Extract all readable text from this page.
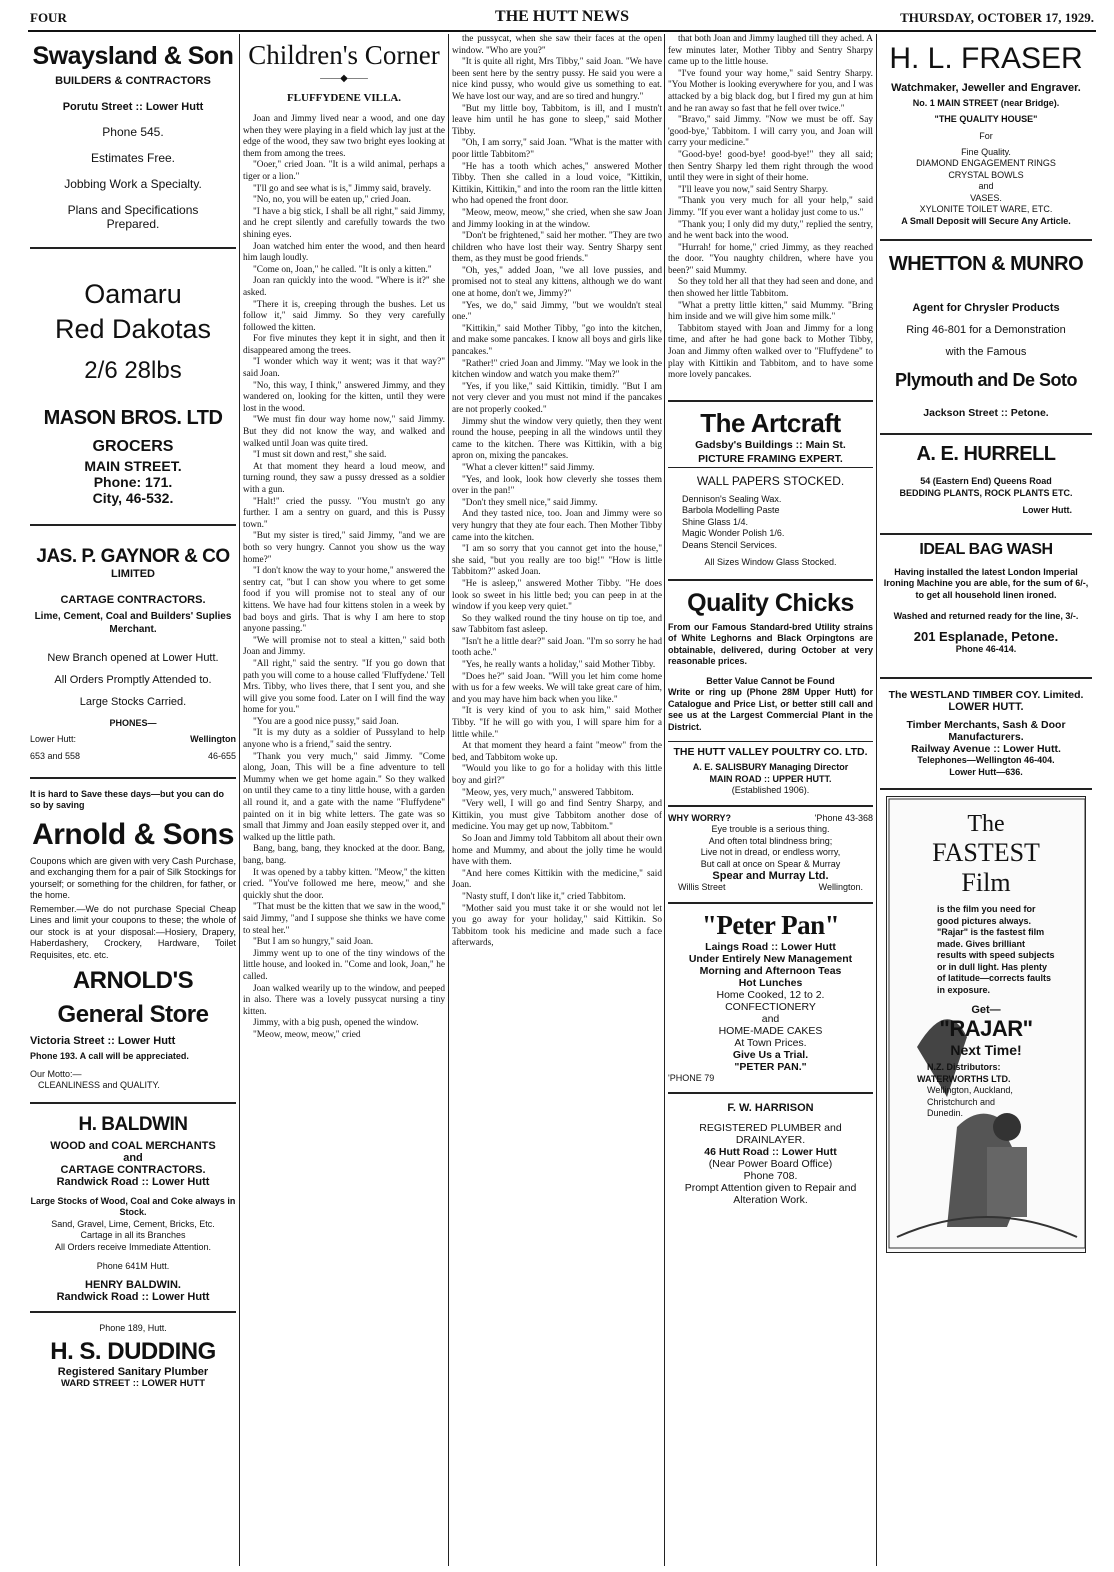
FOUR	THE HUTT NEWS	THURSDAY, OCTOBER 17, 1929.
Swaysland & Son
BUILDERS & CONTRACTORS
Porutu Street :: Lower Hutt
Phone 545.
Estimates Free.
Jobbing Work a Specialty.
Plans and Specifications Prepared.
Oamaru
Red Dakotas
2/6 28lbs
MASON BROS. LTD
GROCERS
MAIN STREET.
Phone: 171.
City, 46-532.
JAS. P. GAYNOR & CO
LIMITED
CARTAGE CONTRACTORS.
Lime, Cement, Coal and Builders' Suplies Merchant.
New Branch opened at Lower Hutt.
All Orders Promptly Attended to.
Large Stocks Carried.
PHONES—
Lower Hutt:	Wellington
653 and 558	46-655
It is hard to Save these days—but you can do so by saving
Arnold & Sons
Coupons which are given with very Cash Purchase, and exchanging them for a pair of Silk Stockings for yourself; or something for the children, for father, or the home.
Remember.—We do not purchase Special Cheap Lines and limit your coupons to these; the whole of our stock is at your disposal:—Hosiery, Drapery, Haberdashery, Crockery, Hardware, Toilet Requisites, etc. etc.
ARNOLD'S
General Store
Victoria Street :: Lower Hutt
Phone 193. A call will be appreciated.
Our Motto:—
CLEANLINESS and QUALITY.
H. BALDWIN
WOOD and COAL MERCHANTS
and
CARTAGE CONTRACTORS.
Randwick Road :: Lower Hutt
Large Stocks of Wood, Coal and Coke always in Stock.
Sand, Gravel, Lime, Cement, Bricks, Etc.
Cartage in all its Branches
All Orders receive Immediate Attention.
Phone 641M Hutt.
HENRY BALDWIN.
Randwick Road :: Lower Hutt
Phone 189, Hutt.
H. S. DUDDING
Registered Sanitary Plumber
WARD STREET :: LOWER HUTT
Children's Corner
——◆——
FLUFFYDENE VILLA.

Joan and Jimmy lived near a wood, and one day when they were playing in a field which lay just at the edge of the wood, they saw two bright eyes looking at them from among the trees.

"Ooer," cried Joan. "It is a wild animal, perhaps a tiger or a lion."

"I'll go and see what is is," Jimmy said, bravely.

"No, no, you will be eaten up," cried Joan.

"I have a big stick, I shall be all right," said Jimmy, and he crept silently and carefully towards the two shining eyes.

Joan watched him enter the wood, and then heard him laugh loudly.

"Come on, Joan," he called. "It is only a kitten."

Joan ran quickly into the wood. "Where is it?" she asked.

"There it is, creeping through the bushes. Let us follow it," said Jimmy. So they very carefully followed the kitten.

For five minutes they kept it in sight, and then it disappeared among the trees.

"I wonder which way it went; was it that way?" said Joan.

"No, this way, I think," answered Jimmy, and they wandered on, looking for the kitten, until they were lost in the wood.

"We must fin dour way home now," said Jimmy. But they did not know the way, and walked and walked until Joan was quite tired.

"I must sit down and rest," she said.

At that moment they heard a loud meow, and turning round, they saw a pussy dressed as a soldier with a gun.

"Halt!" cried the pussy. "You mustn't go any further. I am a sentry on guard, and this is Pussy town."

"But my sister is tired," said Jimmy, "and we are both so very hungry. Cannot you show us the way home?"

"I don't know the way to your home," answered the sentry cat, "but I can show you where to get some food if you will promise not to steal any of our kittens. We have had four kittens stolen in a week by bad boys and girls. That is why I am here to stop anyone passing."

"We will promise not to steal a kitten," said both Joan and Jimmy.

"All right," said the sentry. "If you go down that path you will come to a house called 'Fluffydene.' Tell Mrs. Tibby, who lives there, that I sent you, and she will give you some food. Later on I will find the way home for you."

"You are a good nice pussy," said Joan.

"It is my duty as a soldier of Pussyland to help anyone who is a friend," said the sentry.

"Thank you very much," said Jimmy. "Come along, Joan, This will be a fine adventure to tell Mummy when we get home again." So they walked on until they came to a tiny little house, with a garden all round it, and a gate with the name "Fluffydene" painted on it in big white letters. The gate was so small that Jimmy and Joan easily stepped over it, and walked up the little path.

Bang, bang, bang, they knocked at the door. Bang, bang, bang.

It was opened by a tabby kitten. "Meow," the kitten cried. "You've followed me here, meow," and she quickly shut the door.

"That must be the kitten that we saw in the wood," said Jimmy, "and I suppose she thinks we have come to steal her."

"But I am so hungry," said Joan.

Jimmy went up to one of the tiny windows of the little house, and looked in. "Come and look, Joan," he called.

Joan walked wearily up to the window, and peeped in also. There was a lovely pussycat nursing a tiny kitten.

Jimmy, with a big push, opened the window.

"Meow, meow, meow," cried

the pussycat, when she saw their faces at the open window. "Who are you?"

"It is quite all right, Mrs Tibby," said Joan. "We have been sent here by the sentry pussy. He said you were a nice kind pussy, who would give us something to eat. We have lost our way, and are so tired and hungry."

"But my little boy, Tabbitom, is ill, and I mustn't leave him until he has gone to sleep," said Mother Tibby.

"Oh, I am sorry," said Joan. "What is the matter with poor little Tabbitom?"

"He has a tooth which aches," answered Mother Tibby. Then she called in a loud voice, "Kittikin, Kittikin, Kittikin," and into the room ran the little kitten who had opened the front door.

"Meow, meow, meow," she cried, when she saw Joan and Jimmy looking in at the window.

"Don't be frightened," said her mother. "They are two children who have lost their way. Sentry Sharpy sent them, as they must be good friends."

"Oh, yes," added Joan, "we all love pussies, and promised not to steal any kittens, although we do want one at home, don't we, Jimmy?"

"Yes, we do," said Jimmy, "but we wouldn't steal one."

"Kittikin," said Mother Tibby, "go into the kitchen, and make some pancakes. I know all boys and girls like pancakes."

"Rather!" cried Joan and Jimmy. "May we look in the kitchen window and watch you make them?"

"Yes, if you like," said Kittikin, timidly. "But I am not very clever and you must not mind if the pancakes are not properly cooked."

Jimmy shut the window very quietly, then they went round the house, peeping in all the windows until they came to the kitchen. There was Kittikin, with a big apron on, mixing the pancakes.

"What a clever kitten!" said Jimmy.

"Yes, and look, look how cleverly she tosses them over in the pan!"

"Don't they smell nice," said Jimmy.

And they tasted nice, too. Joan and Jimmy were so very hungry that they ate four each. Then Mother Tibby came into the kitchen.

"I am so sorry that you cannot get into the house," she said, "but you really are too big!" "How is little Tabbitom?" asked Joan.

"He is asleep," answered Mother Tibby. "He does look so sweet in his little bed; you can peep in at the window if you keep very quiet."

So they walked round the tiny house on tip toe, and saw Tabbitom fast asleep.

"Isn't he a little dear?" said Joan. "I'm so sorry he had tooth ache."

"Yes, he really wants a holiday," said Mother Tibby.

"Does he?" said Joan. "Will you let him come home with us for a few weeks. We will take great care of him, and you may have him back when you like."

"It is very kind of you to ask him," said Mother Tibby. "If he will go with you, I will spare him for a little while."

At that moment they heard a faint "meow" from the bed, and Tabbitom woke up.

"Would you like to go for a holiday with this little boy and girl?"

"Meow, yes, very much," answered Tabbitom.

"Very well, I will go and find Sentry Sharpy, and Kittikin, you must give Tabbitom another dose of medicine. You may get up now, Tabbitom."

So Joan and Jimmy told Tabbitom all about their own home and Mummy, and about the jolly time he would have with them.

"And here comes Kittikin with the medicine," said Joan.

"Nasty stuff, I don't like it," cried Tabbitom.

"Mother said you must take it or she would not let you go away for your holiday," said Kittikin. So Tabbitom took his medicine and made such a face afterwards,

that both Joan and Jimmy laughed till they ached. A few minutes later, Mother Tibby and Sentry Sharpy came up to the little house.

"I've found your way home," said Sentry Sharpy. "You Mother is looking everywhere for you, and I was attacked by a big black dog, but I fired my gun at him and he ran away so fast that he fell over twice."

"Bravo," said Jimmy. "Now we must be off. Say 'good-bye,' Tabbitom. I will carry you, and Joan will carry your medicine."

"Good-bye! good-bye! good-bye!" they all said; then Sentry Sharpy led them right through the wood until they were in sight of their home.

"I'll leave you now," said Sentry Sharpy.

"Thank you very much for all your help," said Jimmy. "If you ever want a holiday just come to us."

"Thank you; I only did my duty," replied the sentry, and he went back into the wood.

"Hurrah! for home," cried Jimmy, as they reached the door. "You naughty children, where have you been?" said Mummy.

So they told her all that they had seen and done, and then showed her little Tabbitom.

"What a pretty little kitten," said Mummy. "Bring him inside and we will give him some milk."

Tabbitom stayed with Joan and Jimmy for a long time, and after he had gone back to Mother Tibby, Joan and Jimmy often walked over to "Fluffydene" to play with Kittikin and Tabbitom, and to have some more lovely pancakes.

The Artcraft
Gadsby's Buildings :: Main St.
PICTURE FRAMING EXPERT.
WALL PAPERS STOCKED.
Dennison's Sealing Wax.
Barbola Modelling Paste
Shine Glass 1/4.
Magic Wonder Polish 1/6.
Deans Stencil Services.
All Sizes Window Glass Stocked.
Quality Chicks
From our Famous Standard-bred Utility strains of White Leghorns and Black Orpingtons are obtainable, delivered, during October at very reasonable prices.
Better Value Cannot be Found
Write or ring up (Phone 28M Upper Hutt) for Catalogue and Price List, or better still call and see us at the Largest Commercial Plant in the District.
THE HUTT VALLEY POULTRY CO. LTD.
A. E. SALISBURY Managing Director
MAIN ROAD :: UPPER HUTT.
(Established 1906).
WHY WORRY?	'Phone 43-368
Eye trouble is a serious thing.
And often total blindness bring;
Live not in dread, or endless worry,
But call at once on Spear & Murray
Spear and Murray Ltd.
Willis Street	Wellington.
"Peter Pan"
Laings Road :: Lower Hutt
Under Entirely New Management
Morning and Afternoon Teas
Hot Lunches
Home Cooked, 12 to 2.
CONFECTIONERY
and
HOME-MADE CAKES
At Town Prices.
Give Us a Trial.
"PETER PAN."
'PHONE 79
F. W. HARRISON
REGISTERED PLUMBER and DRAINLAYER.
46 Hutt Road :: Lower Hutt
(Near Power Board Office)
Phone 708.
Prompt Attention given to Repair and Alteration Work.
H. L. FRASER
Watchmaker, Jeweller and Engraver.
No. 1 MAIN STREET (near Bridge).
"THE QUALITY HOUSE"
For
Fine Quality.
DIAMOND ENGAGEMENT RINGS
CRYSTAL BOWLS
and
VASES.
XYLONITE TOILET WARE, ETC.
A Small Deposit will Secure Any Article.
WHETTON & MUNRO
Agent for Chrysler Products
Ring 46-801 for a Demonstration
with the Famous
Plymouth and De Soto
Jackson Street :: Petone.
A. E. HURRELL
54 (Eastern End) Queens Road
BEDDING PLANTS, ROCK PLANTS ETC.
Lower Hutt.
IDEAL BAG WASH
Having installed the latest London Imperial Ironing Machine you are able, for the sum of 6/-, to get all household linen ironed.
Washed and returned ready for the line, 3/-.
201 Esplanade, Petone.
Phone 46-414.
The WESTLAND TIMBER COY. Limited.
LOWER HUTT.
Timber Merchants, Sash & Door Manufacturers.
Railway Avenue :: Lower Hutt.
Telephones—Wellington 46-404.
Lower Hutt—636.
The
FASTEST
Film
is the film you need for good pictures always. "Rajar" is the fastest film made. Gives brilliant results with speed subjects or in dull light. Has plenty of latitude—corrects faults in exposure.
Get—
"RAJAR"
Next Time!
N.Z. Distributors:
WATERWORTHS LTD.
Wellington, Auckland, Christchurch and Dunedin.
